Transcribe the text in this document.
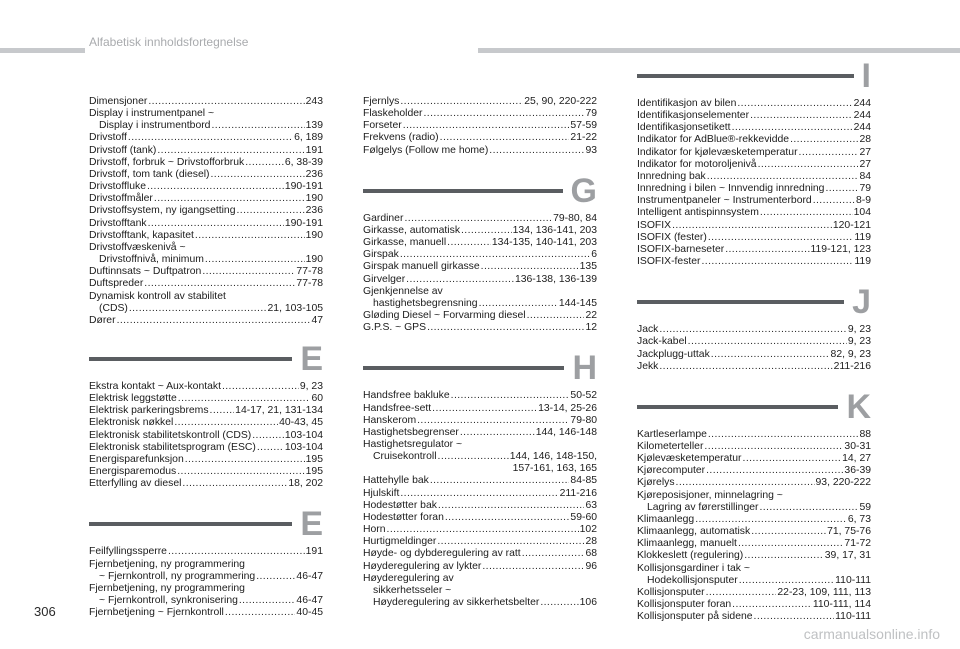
Alfabetisk innholdsfortegnelse
Dimensjoner .....	243
Display i instrumentpanel ~
Display i instrumentbord .....	139
Drivstoff .....	6, 189
Drivstoff (tank) .....	191
Drivstoff, forbruk ~ Drivstofforbruk .....	6, 38-39
Drivstoff, tom tank (diesel) .....	236
Drivstofflukе .....	190-191
Drivstoffmåler .....	190
Drivstoffsystem, ny igangsetting .....	236
Drivstofftank .....	190-191
Drivstofftank, kapasitet .....	190
Drivstoffvæskenivå ~
Drivstoffnivå, minimum .....	190
Duftinnsats ~ Duftpatron .....	77-78
Duftspreder .....	77-78
Dynamisk kontroll av stabilitet
(CDS) .....	21, 103-105
Dører .....	47
E
Ekstra kontakt ~ Aux-kontakt .....	9, 23
Elektrisk leggstøtte .....	60
Elektrisk parkeringsbrems .....	14-17, 21, 131-134
Elektronisk nøkkel .....	40-43, 45
Elektronisk stabilitetskontroll (CDS) .....	103-104
Elektronisk stabilitetsprogram (ESC) .....	103-104
Energisparefunksjon .....	195
Energisparemodus .....	195
Etterfylling av diesel .....	18, 202
E
Feilfyllingssperre .....	191
Fjernbetjening, ny programmering
~ Fjernkontroll, ny programmering .....	46-47
Fjernbetjening, ny programmering
~ Fjernkontroll, synkronisering .....	46-47
Fjernbetjening ~ Fjernkontroll .....	40-45
Fjernlys .....	25, 90, 220-222
Flaskeholder .....	79
Forseter .....	57-59
Frekvens (radio) .....	21-22
Følgelys (Follow me home) .....	93
G
Gardiner .....	79-80, 84
Girkasse, automatisk .....	134, 136-141, 203
Girkasse, manuell .....	134-135, 140-141, 203
Girspak .....	6
Girspak manuell girkasse .....	135
Girvelger .....	136-138, 136-139
Gjenkjennelse av
hastighetsbegrensning .....	144-145
Gløding Diesel ~ Forvarming diesel .....	22
G.P.S. ~ GPS .....	12
H
Handsfree bakluke .....	50-52
Handsfree-sett .....	13-14, 25-26
Hanskerom .....	79-80
Hastighetsbegrenser .....	144, 146-148
Hastighetsregulator ~
Cruisekontroll .....	144, 146, 148-150,
157-161, 163, 165
Hattehylle bak .....	84-85
Hjulskift .....	211-216
Hodestøtter bak .....	63
Hodestøtter foran .....	59-60
Horn .....	102
Hurtigmeldinger .....	28
Høyde- og dybderegulering av ratt .....	68
Høyderegulering av lykter .....	96
Høyderegulering av
sikkerhetsseler ~
Høyderegulering av sikkerhetsbelter .....	106
I
Identifikasjon av bilen .....	244
Identifikasjonselementer .....	244
Identifikasjonsetikett .....	244
Indikator for AdBlue®-rekkevidde .....	28
Indikator for kjølevæsketemperatur .....	27
Indikator for motoroljenivå .....	27
Innredning bak .....	84
Innredning i bilen ~ Innvendig innredning .....	79
Instrumentpaneler ~ Instrumenterbord .....	8-9
Intelligent antispinnsystem .....	104
ISOFIX .....	120-121
ISOFIX (fester) .....	119
ISOFIX-barneseter .....	119-121, 123
ISOFIX-fester .....	119
J
Jack .....	9, 23
Jack-kabel .....	9, 23
Jackplugg-uttak .....	82, 9, 23
Jekk .....	211-216
K
Kartleserlampe .....	88
Kilometerteller .....	30-31
Kjølevæsketemperatur .....	14, 27
Kjørecomputer .....	36-39
Kjørelys .....	93, 220-222
Kjøreposisjoner, minnelagring ~
Lagring av førerstillinger .....	59
Klimaanlegg .....	6, 73
Klimaanlegg, automatisk .....	71, 75-76
Klimaanlegg, manuelt .....	71-72
Klokkeslett (regulering) .....	39, 17, 31
Kollisjonsgardiner i tak ~
Hodekollisjonsputer .....	110-111
Kollisjonsputer .....	22-23, 109, 111, 113
Kollisjonsputer foran .....	110-111, 114
Kollisjonsputer på sidene .....	110-111
306
carmanualsonline.info
